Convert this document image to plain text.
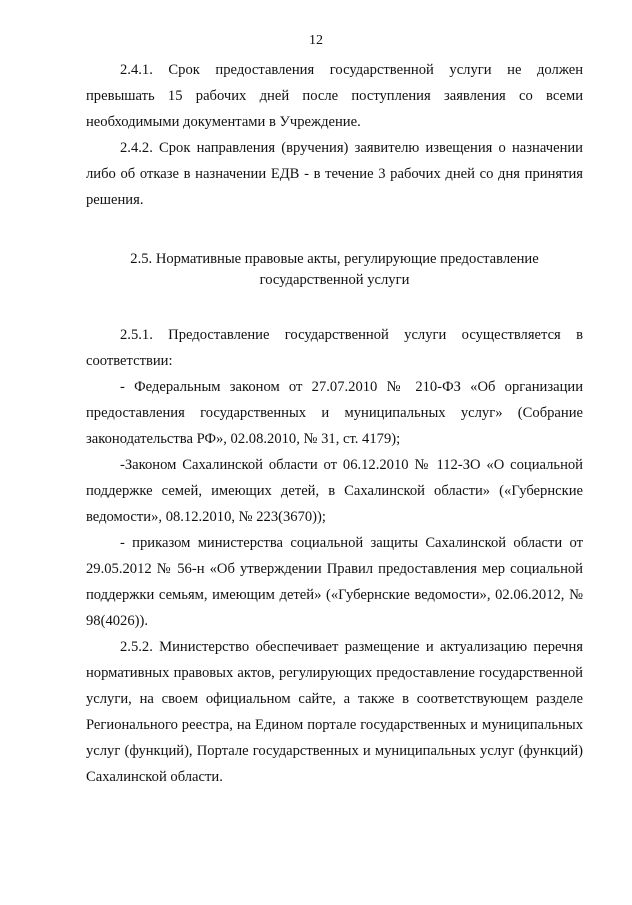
12

2.4.1. Срок предоставления государственной услуги не должен превышать 15 рабочих дней после поступления заявления со всеми необходимыми документами в Учреждение.

2.4.2. Срок направления (вручения) заявителю извещения о назначении либо об отказе в назначении ЕДВ - в течение 3 рабочих дней со дня принятия решения.

2.5. Нормативные правовые акты, регулирующие предоставление
государственной услуги

2.5.1. Предоставление государственной услуги осуществляется в соответствии:

- Федеральным законом от 27.07.2010 № 210-ФЗ «Об организации предоставления государственных и муниципальных услуг» (Собрание законодательства РФ», 02.08.2010, № 31, ст. 4179);

-Законом Сахалинской области от 06.12.2010 № 112-ЗО «О социальной поддержке семей, имеющих детей, в Сахалинской области» («Губернские ведомости», 08.12.2010, № 223(3670));

- приказом министерства социальной защиты Сахалинской области от 29.05.2012 № 56-н «Об утверждении Правил предоставления мер социальной поддержки семьям, имеющим детей» («Губернские ведомости», 02.06.2012, № 98(4026)).

2.5.2. Министерство обеспечивает размещение и актуализацию перечня нормативных правовых актов, регулирующих предоставление государственной услуги, на своем официальном сайте, а также в соответствующем разделе Регионального реестра, на Едином портале государственных и муниципальных услуг (функций), Портале государственных и муниципальных услуг (функций) Сахалинской области.
